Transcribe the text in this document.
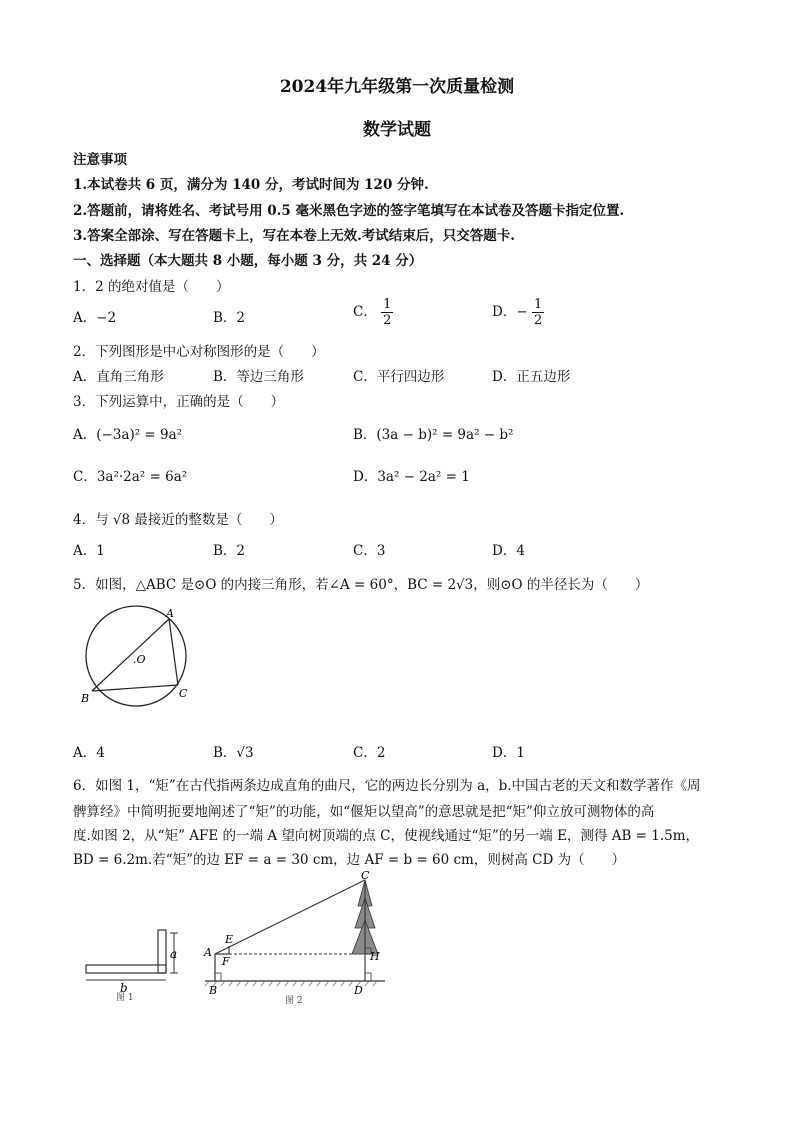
2024年九年级第一次质量检测
数学试题
注意事项
1.本试卷共 6 页，满分为 140 分，考试时间为 120 分钟.
2.答题前，请将姓名、考试号用 0.5 毫米黑色字迹的签字笔填写在本试卷及答题卡指定位置.
3.答案全部涂、写在答题卡上，写在本卷上无效.考试结束后，只交答题卡.
一、选择题（本大题共 8 小题，每小题 3 分，共 24 分）
1．2 的绝对值是（　　）
A．−2	B．2	C． $\frac{1}{2}$	D．− $\frac{1}{2}$
2．下列图形是中心对称图形的是（　　）
A．直角三角形	B．等边三角形	C．平行四边形	D．正五边形
3．下列运算中，正确的是（　　）
A．(−3a)² = 9a²	B．(3a − b)² = 9a² − b²
C．3a²·2a² = 6a²	D．3a² − 2a² = 1
4．与 √8 最接近的整数是（　　）
A．1	B．2	C．3	D．4
5．如图，△ABC 是⊙O 的内接三角形，若∠A = 60°，BC = 2√3，则⊙O 的半径长为（　　）
A
B	C
.O
A．4	B．√3	C．2	D．1
6．如图 1，“矩”在古代指两条边成直角的曲尺，它的两边长分别为 a，b.中国古老的天文和数学著作《周
髀算经》中简明扼要地阐述了“矩”的功能，如“偃矩以望高”的意思就是把“矩”仰立放可测物体的高
度.如图 2，从“矩” AFE 的一端 A 望向树顶端的点 C，使视线通过“矩”的另一端 E，测得 AB = 1.5m，
BD = 6.2m.若“矩”的边 EF = a = 30 cm，边 AF = b = 60 cm，则树高 CD 为（　　）
a
b
图 1
C
E
A
F	H
B	D
图 2
